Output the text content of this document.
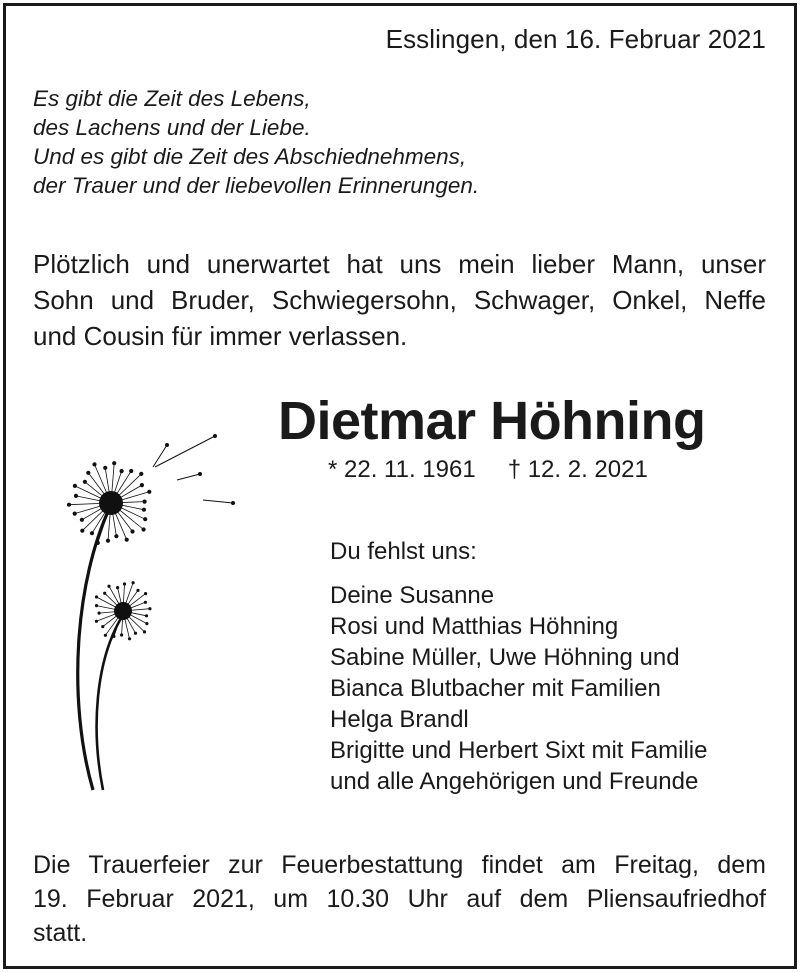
Esslingen, den 16. Februar 2021
Es gibt die Zeit des Lebens,
des Lachens und der Liebe.
Und es gibt die Zeit des Abschiednehmens,
der Trauer und der liebevollen Erinnerungen.
Plötzlich und unerwartet hat uns mein lieber Mann, unser
Sohn und Bruder, Schwiegersohn, Schwager, Onkel, Neffe
und Cousin für immer verlassen.
Dietmar Höhning
* 22. 11. 1961 † 12. 2. 2021
Du fehlst uns:
Deine Susanne
Rosi und Matthias Höhning
Sabine Müller, Uwe Höhning und
Bianca Blutbacher mit Familien
Helga Brandl
Brigitte und Herbert Sixt mit Familie
und alle Angehörigen und Freunde
Die Trauerfeier zur Feuerbestattung findet am Freitag, dem
19. Februar 2021, um 10.30 Uhr auf dem Pliensaufriedhof
statt.
